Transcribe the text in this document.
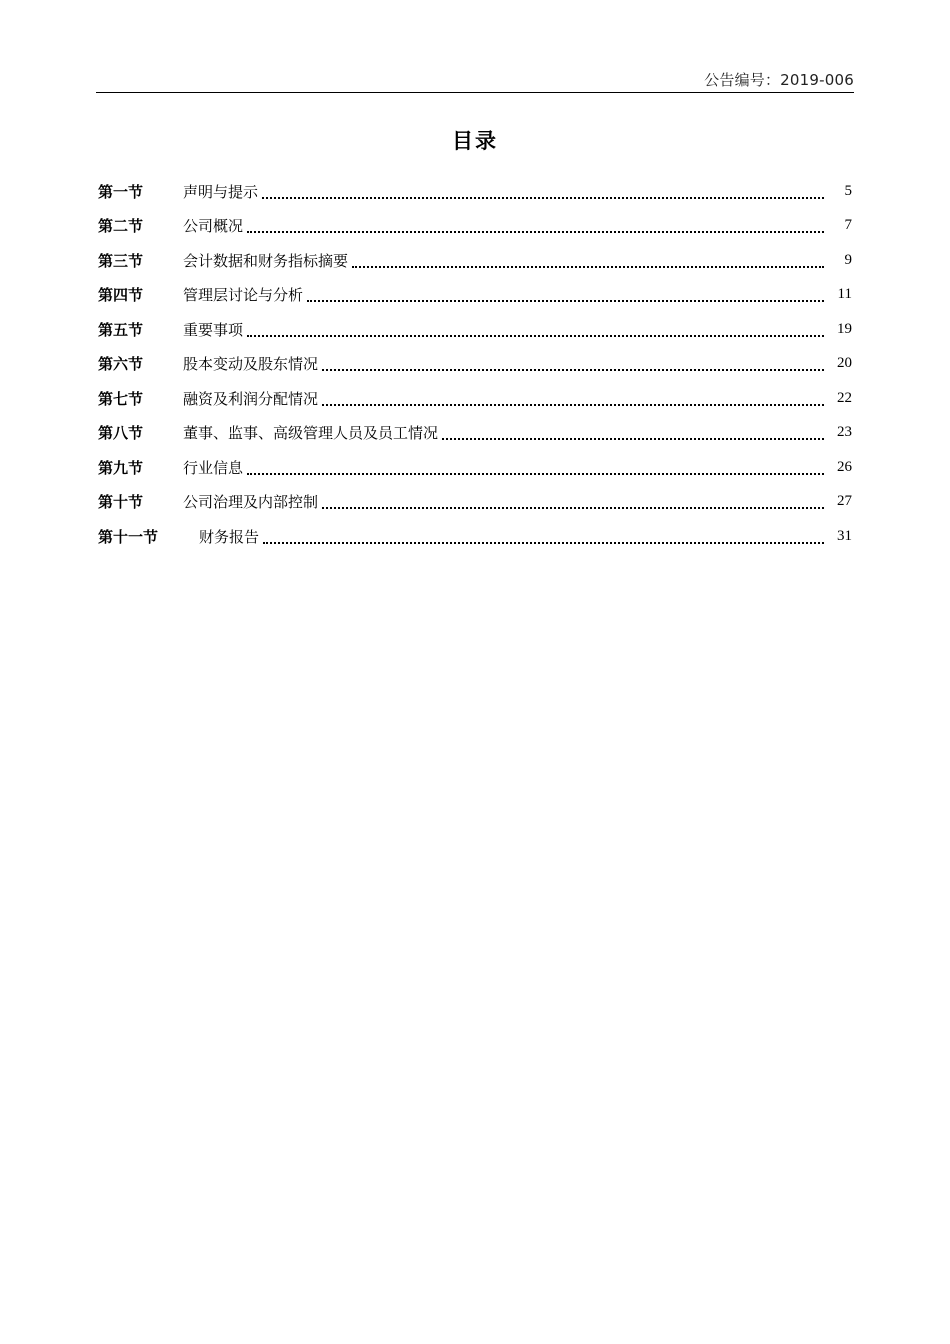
公告编号：2019-006
目录
第一节	声明与提示	5
第二节	公司概况	7
第三节	会计数据和财务指标摘要	9
第四节	管理层讨论与分析	11
第五节	重要事项	19
第六节	股本变动及股东情况	20
第七节	融资及利润分配情况	22
第八节	董事、监事、高级管理人员及员工情况	23
第九节	行业信息	26
第十节	公司治理及内部控制	27
第十一节	财务报告	31
